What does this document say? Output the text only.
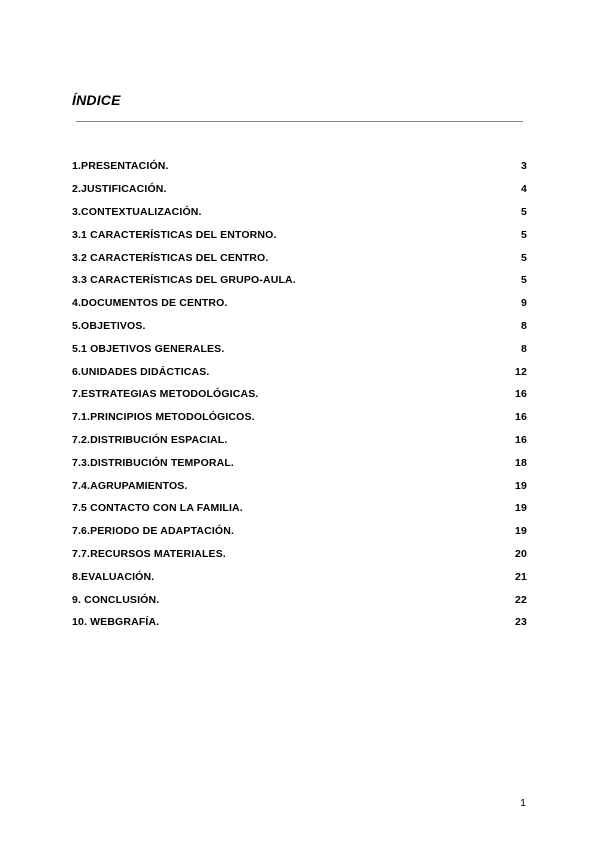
ÍNDICE
1.PRESENTACIÓN.	3
2.JUSTIFICACIÓN.	4
3.CONTEXTUALIZACIÓN.	5
3.1 CARACTERÍSTICAS DEL ENTORNO.	5
3.2 CARACTERÍSTICAS DEL CENTRO.	5
3.3 CARACTERÍSTICAS DEL GRUPO-AULA.	5
4.DOCUMENTOS DE CENTRO.	9
5.OBJETIVOS.	8
5.1 OBJETIVOS GENERALES.	8
6.UNIDADES DIDÁCTICAS.	12
7.ESTRATEGIAS METODOLÓGICAS.	16
7.1.PRINCIPIOS METODOLÓGICOS.	16
7.2.DISTRIBUCIÓN ESPACIAL.	16
7.3.DISTRIBUCIÓN TEMPORAL.	18
7.4.AGRUPAMIENTOS.	19
7.5 CONTACTO CON LA FAMILIA.	19
7.6.PERIODO DE ADAPTACIÓN.	19
7.7.RECURSOS MATERIALES.	20
8.EVALUACIÓN.	21
9. CONCLUSIÓN.	22
10. WEBGRAFÍA.	23
1
